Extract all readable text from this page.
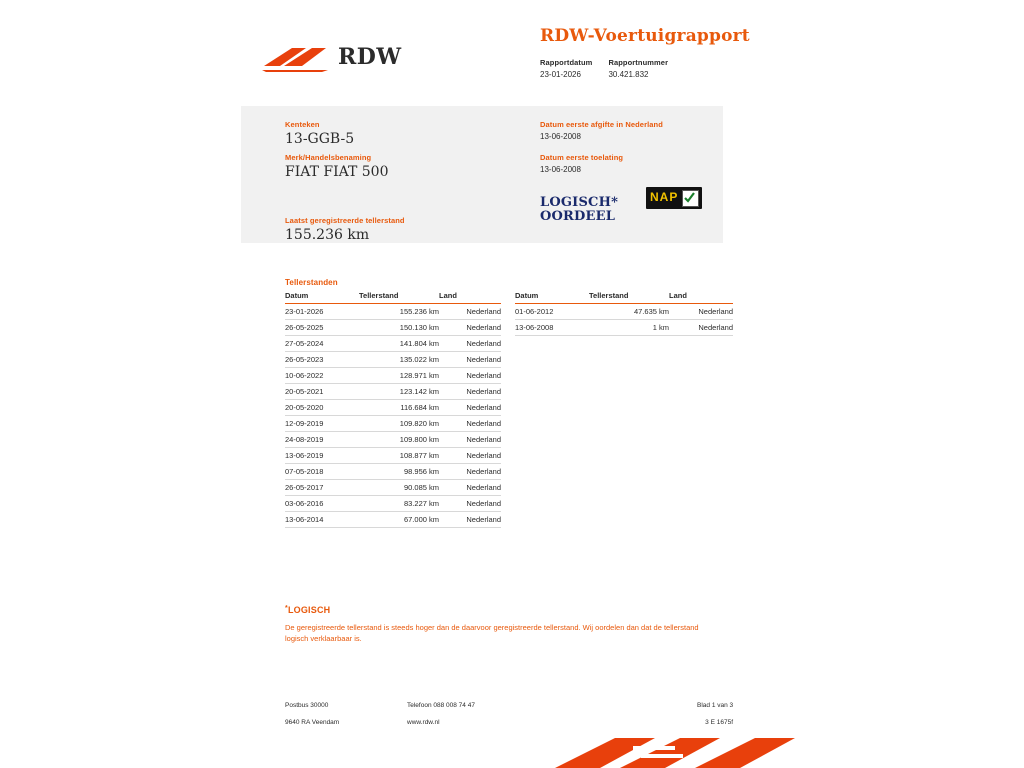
RDW
RDW-Voertuigrapport
Rapportdatum
23-01-2026

Rapportnummer
30.421.832
Kenteken
13-GGB-5
Merk/Handelsbenaming
FIAT FIAT 500
Laatst geregistreerde tellerstand
155.236 km
Datum eerste afgifte in Nederland
13-06-2008
Datum eerste toelating
13-06-2008
LOGISCH*
OORDEEL
NAP
Tellerstanden
Datum	Tellerstand	Land
23-01-2026	155.236 km	Nederland
26-05-2025	150.130 km	Nederland
27-05-2024	141.804 km	Nederland
26-05-2023	135.022 km	Nederland
10-06-2022	128.971 km	Nederland
20-05-2021	123.142 km	Nederland
20-05-2020	116.684 km	Nederland
12-09-2019	109.820 km	Nederland
24-08-2019	109.800 km	Nederland
13-06-2019	108.877 km	Nederland
07-05-2018	98.956 km	Nederland
26-05-2017	90.085 km	Nederland
03-06-2016	83.227 km	Nederland
13-06-2014	67.000 km	Nederland
Datum	Tellerstand	Land
01-06-2012	47.635 km	Nederland
13-06-2008	1 km	Nederland
*LOGISCH
De geregistreerde tellerstand is steeds hoger dan de daarvoor geregistreerde tellerstand. Wij oordelen dan dat de tellerstand logisch verklaarbaar is.
Postbus 30000
9640 RA Veendam
Telefoon 088 008 74 47
www.rdw.nl
Blad 1 van 3
3 E 1675f
